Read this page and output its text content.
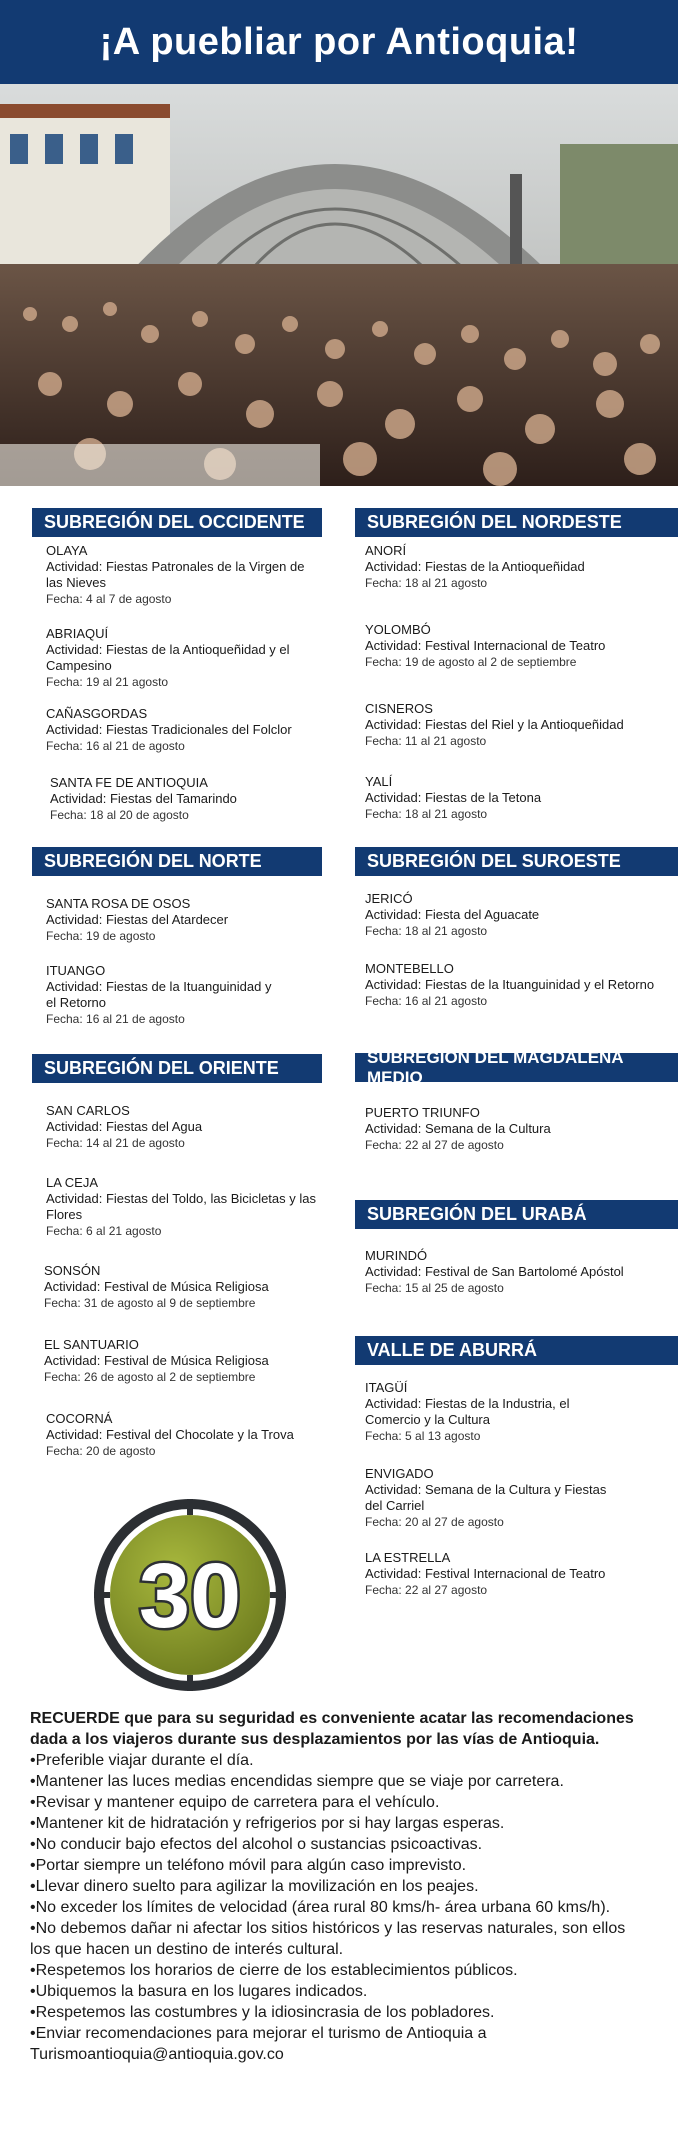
¡A puebliar por Antioquia!
SUBREGIÓN DEL OCCIDENTE
OLAYA
Actividad: Fiestas Patronales de la Virgen de las Nieves
Fecha: 4 al 7 de agosto
ABRIAQUÍ
Actividad: Fiestas de la Antioqueñidad y el Campesino
Fecha: 19 al 21 agosto
CAÑASGORDAS
Actividad: Fiestas Tradicionales del Folclor
Fecha: 16 al 21 de agosto
SANTA FE DE ANTIOQUIA
Actividad: Fiestas del Tamarindo
Fecha: 18 al 20 de agosto
SUBREGIÓN DEL NORTE
SANTA ROSA DE OSOS
Actividad: Fiestas del Atardecer
Fecha: 19 de agosto
ITUANGO
Actividad: Fiestas de la Ituanguinidad y el Retorno
Fecha: 16 al 21 de agosto
SUBREGIÓN DEL ORIENTE
SAN CARLOS
Actividad: Fiestas del Agua
Fecha: 14 al 21 de agosto
LA CEJA
Actividad: Fiestas del Toldo, las Bicicletas y las Flores
Fecha: 6 al 21 agosto
SONSÓN
Actividad: Festival de Música Religiosa
Fecha: 31 de agosto al 9 de septiembre
EL SANTUARIO
Actividad: Festival de Música Religiosa
Fecha: 26 de agosto al 2 de septiembre
COCORNÁ
Actividad: Festival del Chocolate y la Trova
Fecha: 20 de agosto
SUBREGIÓN DEL NORDESTE
ANORÍ
Actividad: Fiestas de la Antioqueñidad
Fecha: 18 al 21 agosto
YOLOMBÓ
Actividad: Festival Internacional de Teatro
Fecha: 19 de agosto al 2 de septiembre
CISNEROS
Actividad: Fiestas del Riel y la Antioqueñidad
Fecha: 11 al 21 agosto
YALÍ
Actividad: Fiestas de la Tetona
Fecha: 18 al 21 agosto
SUBREGIÓN DEL SUROESTE
JERICÓ
Actividad: Fiesta del Aguacate
Fecha: 18 al 21 agosto
MONTEBELLO
Actividad: Fiestas de la Ituanguinidad y el Retorno
Fecha: 16 al 21 agosto
SUBREGIÓN DEL MAGDALENA MEDIO
PUERTO TRIUNFO
Actividad: Semana de la Cultura
Fecha: 22 al 27 de agosto
SUBREGIÓN DEL URABÁ
MURINDÓ
Actividad: Festival de San Bartolomé Apóstol
Fecha: 15 al 25 de agosto
VALLE DE ABURRÁ
ITAGÜÍ
Actividad: Fiestas de la Industria, el Comercio y la Cultura
Fecha: 5 al 13 agosto
ENVIGADO
Actividad: Semana de la Cultura y Fiestas del Carriel
Fecha: 20 al 27 de agosto
LA ESTRELLA
Actividad: Festival Internacional de Teatro
Fecha: 22 al 27 agosto
30
RECUERDE que para su seguridad es conveniente acatar las recomendaciones dada a los viajeros durante sus desplazamientos por las vías de Antioquia.
• Preferible viajar durante el día.
• Mantener las luces medias encendidas siempre que se viaje por carretera.
• Revisar y mantener equipo de carretera para el vehículo.
• Mantener kit de hidratación y refrigerios por si hay largas esperas.
• No conducir bajo efectos del alcohol o sustancias psicoactivas.
• Portar siempre un teléfono móvil para algún caso imprevisto.
• Llevar dinero suelto para agilizar la movilización en los peajes.
• No exceder los límites de velocidad (área rural 80 kms/h- área urbana 60 kms/h).
• No debemos dañar ni afectar los sitios históricos y las reservas naturales, son ellos los que hacen un destino de interés cultural.
• Respetemos los horarios de cierre de los establecimientos públicos.
• Ubiquemos la basura en los lugares indicados.
• Respetemos las costumbres y la idiosincrasia de los pobladores.
• Enviar recomendaciones para mejorar el turismo de Antioquia a Turismoantioquia@antioquia.gov.co
